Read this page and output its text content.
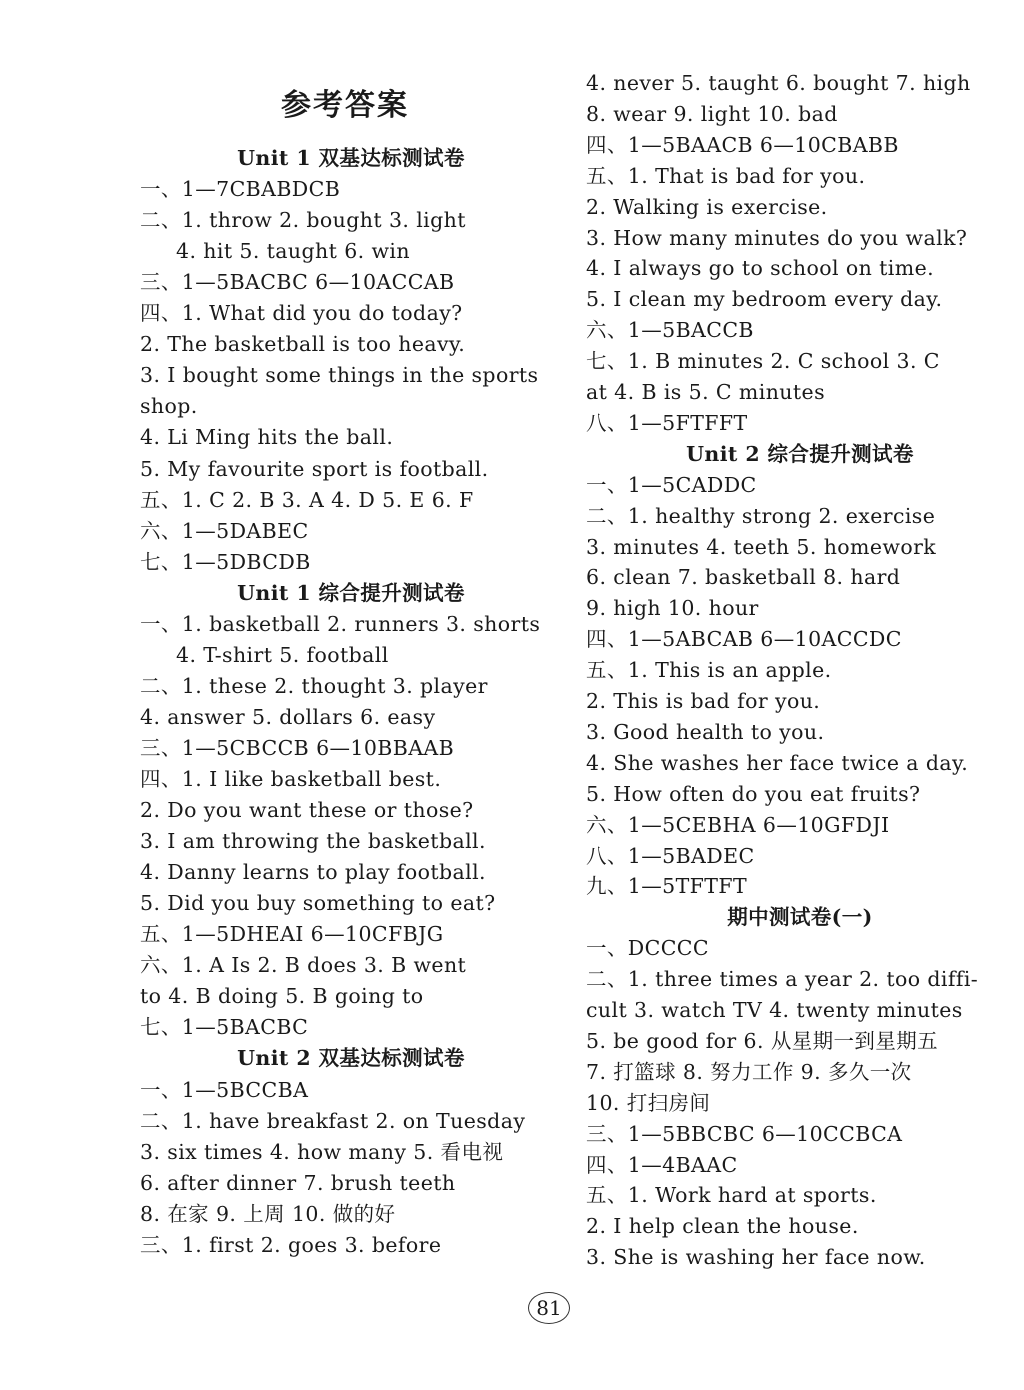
参考答案
Unit 1 双基达标测试卷
一、1—7CBABDCB
二、1. throw 2. bought 3. light
4. hit 5. taught 6. win
三、1—5BACBC 6—10ACCAB
四、1. What did you do today?
2. The basketball is too heavy.
3. I bought some things in the sports
shop.
4. Li Ming hits the ball.
5. My favourite sport is football.
五、1. C 2. B 3. A 4. D 5. E 6. F
六、1—5DABEC
七、1—5DBCDB
Unit 1 综合提升测试卷
一、1. basketball 2. runners 3. shorts
4. T-shirt 5. football
二、1. these 2. thought 3. player
4. answer 5. dollars 6. easy
三、1—5CBCCB 6—10BBAAB
四、1. I like basketball best.
2. Do you want these or those?
3. I am throwing the basketball.
4. Danny learns to play football.
5. Did you buy something to eat?
五、1—5DHEAI 6—10CFBJG
六、1. A Is 2. B does 3. B went
to 4. B doing 5. B going to
七、1—5BACBC
Unit 2 双基达标测试卷
一、1—5BCCBA
二、1. have breakfast 2. on Tuesday
3. six times 4. how many 5. 看电视
6. after dinner 7. brush teeth
8. 在家 9. 上周 10. 做的好
三、1. first 2. goes 3. before
4. never 5. taught 6. bought 7. high
8. wear 9. light 10. bad
四、1—5BAACB 6—10CBABB
五、1. That is bad for you.
2. Walking is exercise.
3. How many minutes do you walk?
4. I always go to school on time.
5. I clean my bedroom every day.
六、1—5BACCB
七、1. B minutes 2. C school 3. C
at 4. B is 5. C minutes
八、1—5FTFFT
Unit 2 综合提升测试卷
一、1—5CADDC
二、1. healthy strong 2. exercise
3. minutes 4. teeth 5. homework
6. clean 7. basketball 8. hard
9. high 10. hour
四、1—5ABCAB 6—10ACCDC
五、1. This is an apple.
2. This is bad for you.
3. Good health to you.
4. She washes her face twice a day.
5. How often do you eat fruits?
六、1—5CEBHA 6—10GFDJI
八、1—5BADEC
九、1—5TFTFT
期中测试卷(一)
一、DCCCC
二、1. three times a year 2. too diffi-
cult 3. watch TV 4. twenty minutes
5. be good for 6. 从星期一到星期五
7. 打篮球 8. 努力工作 9. 多久一次
10. 打扫房间
三、1—5BBCBC 6—10CCBCA
四、1—4BAAC
五、1. Work hard at sports.
2. I help clean the house.
3. She is washing her face now.
81
